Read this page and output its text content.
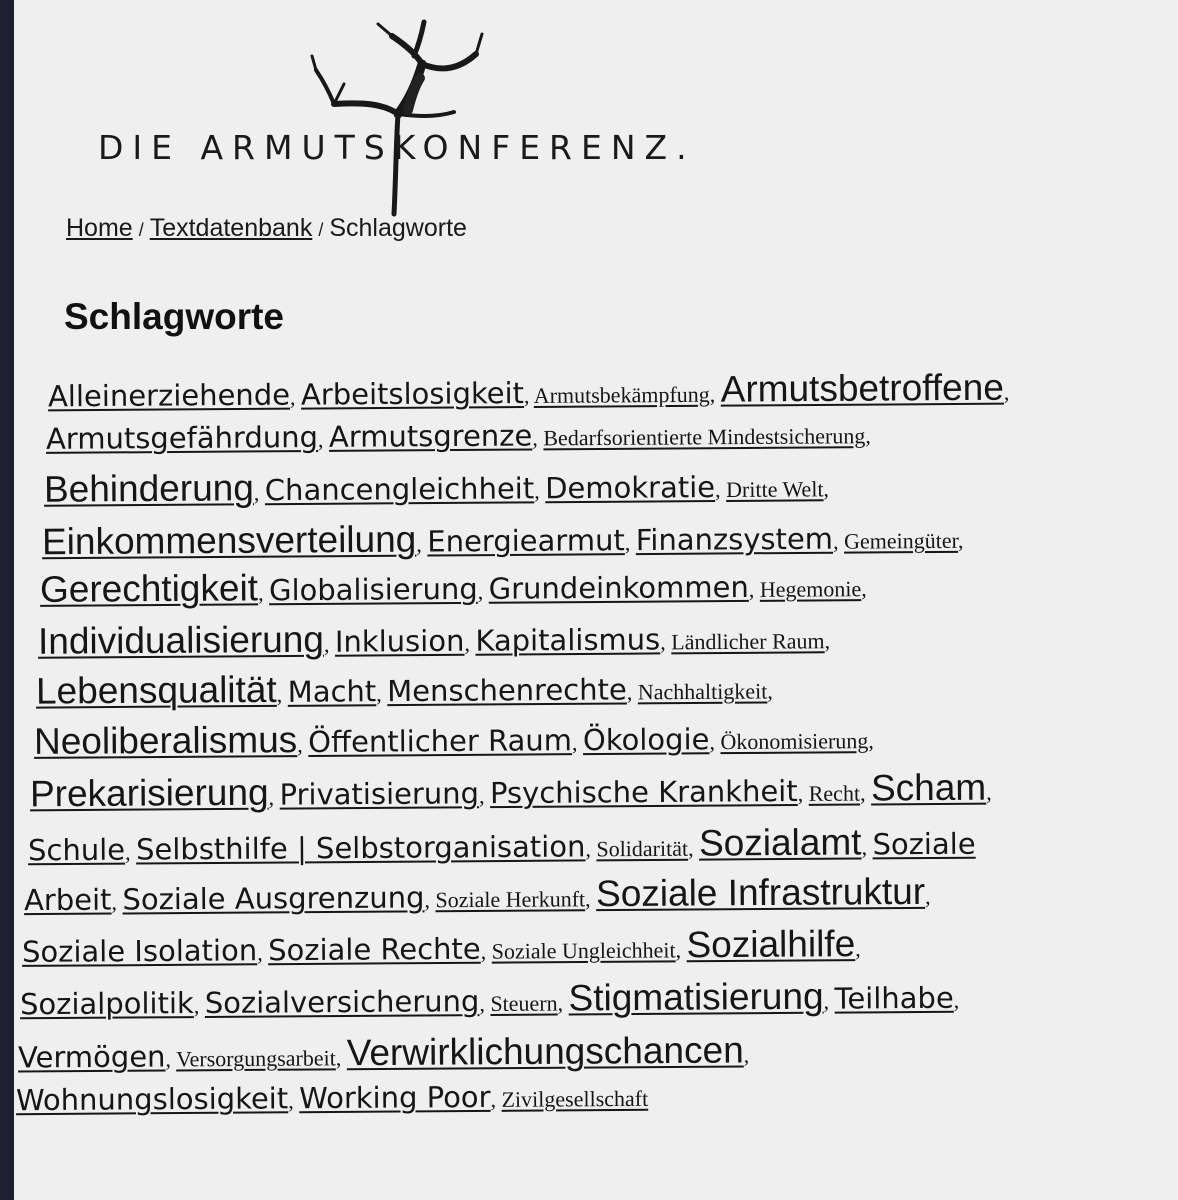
DIE ARMUTSKONFERENZ.
Home / Textdatenbank / Schlagworte
Schlagworte
Alleinerziehende, Arbeitslosigkeit, Armutsbekämpfung, Armutsbetroffene,
Armutsgefährdung, Armutsgrenze, Bedarfsorientierte Mindestsicherung,
Behinderung, Chancengleichheit, Demokratie, Dritte Welt,
Einkommensverteilung, Energiearmut, Finanzsystem, Gemeingüter,
Gerechtigkeit, Globalisierung, Grundeinkommen, Hegemonie,
Individualisierung, Inklusion, Kapitalismus, Ländlicher Raum,
Lebensqualität, Macht, Menschenrechte, Nachhaltigkeit,
Neoliberalismus, Öffentlicher Raum, Ökologie, Ökonomisierung,
Prekarisierung, Privatisierung, Psychische Krankheit, Recht, Scham,
Schule, Selbsthilfe | Selbstorganisation, Solidarität, Sozialamt, Soziale
Arbeit, Soziale Ausgrenzung, Soziale Herkunft, Soziale Infrastruktur,
Soziale Isolation, Soziale Rechte, Soziale Ungleichheit, Sozialhilfe,
Sozialpolitik, Sozialversicherung, Steuern, Stigmatisierung, Teilhabe,
Vermögen, Versorgungsarbeit, Verwirklichungschancen,
Wohnungslosigkeit, Working Poor, Zivilgesellschaft
